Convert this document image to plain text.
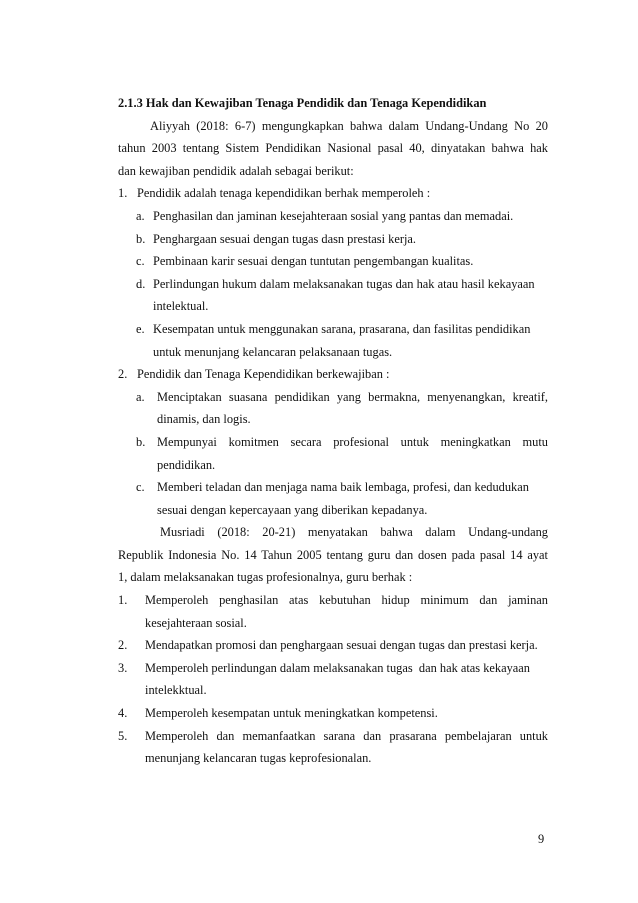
2.1.3 Hak dan Kewajiban Tenaga Pendidik dan Tenaga Kependidikan
Aliyyah (2018: 6-7) mengungkapkan bahwa dalam Undang-Undang No 20
tahun 2003 tentang Sistem Pendidikan Nasional pasal 40, dinyatakan bahwa hak
dan kewajiban pendidik adalah sebagai berikut:
1. Pendidik adalah tenaga kependidikan berhak memperoleh :
a. Penghasilan dan jaminan kesejahteraan sosial yang pantas dan memadai.
b. Penghargaan sesuai dengan tugas dasn prestasi kerja.
c. Pembinaan karir sesuai dengan tuntutan pengembangan kualitas.
d. Perlindungan hukum dalam melaksanakan tugas dan hak atau hasil kekayaan
intelektual.
e. Kesempatan untuk menggunakan sarana, prasarana, dan fasilitas pendidikan
untuk menunjang kelancaran pelaksanaan tugas.
2. Pendidik dan Tenaga Kependidikan berkewajiban :
a. Menciptakan suasana pendidikan yang bermakna, menyenangkan, kreatif,
dinamis, dan logis.
b. Mempunyai komitmen secara profesional untuk meningkatkan mutu
pendidikan.
c. Memberi teladan dan menjaga nama baik lembaga, profesi, dan kedudukan
sesuai dengan kepercayaan yang diberikan kepadanya.
Musriadi (2018: 20-21) menyatakan bahwa dalam Undang-undang
Republik Indonesia No. 14 Tahun 2005 tentang guru dan dosen pada pasal 14 ayat
1, dalam melaksanakan tugas profesionalnya, guru berhak :
1.	Memperoleh penghasilan atas kebutuhan hidup minimum dan jaminan
kesejahteraan sosial.
2.	Mendapatkan promosi dan penghargaan sesuai dengan tugas dan prestasi kerja.
3.	Memperoleh perlindungan dalam melaksanakan tugas  dan hak atas kekayaan
intelekktual.
4.	Memperoleh kesempatan untuk meningkatkan kompetensi.
5.	Memperoleh dan memanfaatkan sarana dan prasarana pembelajaran untuk
menunjang kelancaran tugas keprofesionalan.
9
